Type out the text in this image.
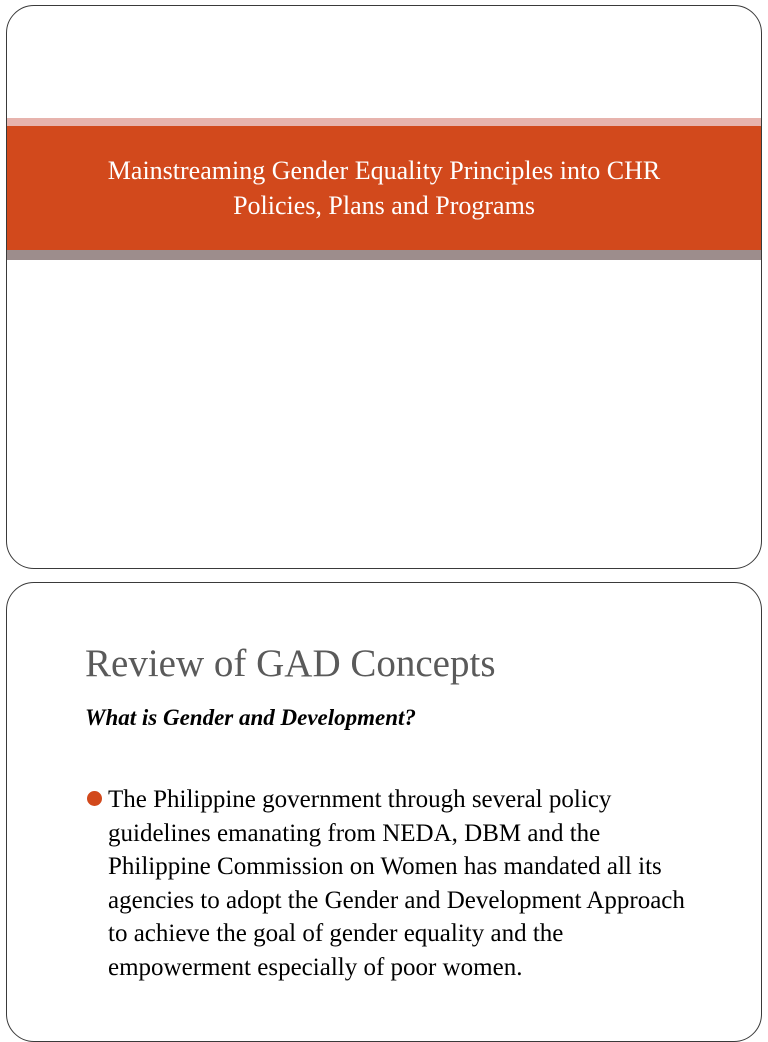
Mainstreaming Gender Equality Principles into CHR
Policies, Plans and Programs
Review of GAD Concepts
What is Gender and Development?
The Philippine government through several policy guidelines emanating from NEDA, DBM and the Philippine Commission on Women has mandated all its agencies to adopt the Gender and Development Approach to achieve the goal of gender equality and the empowerment especially of poor women.
